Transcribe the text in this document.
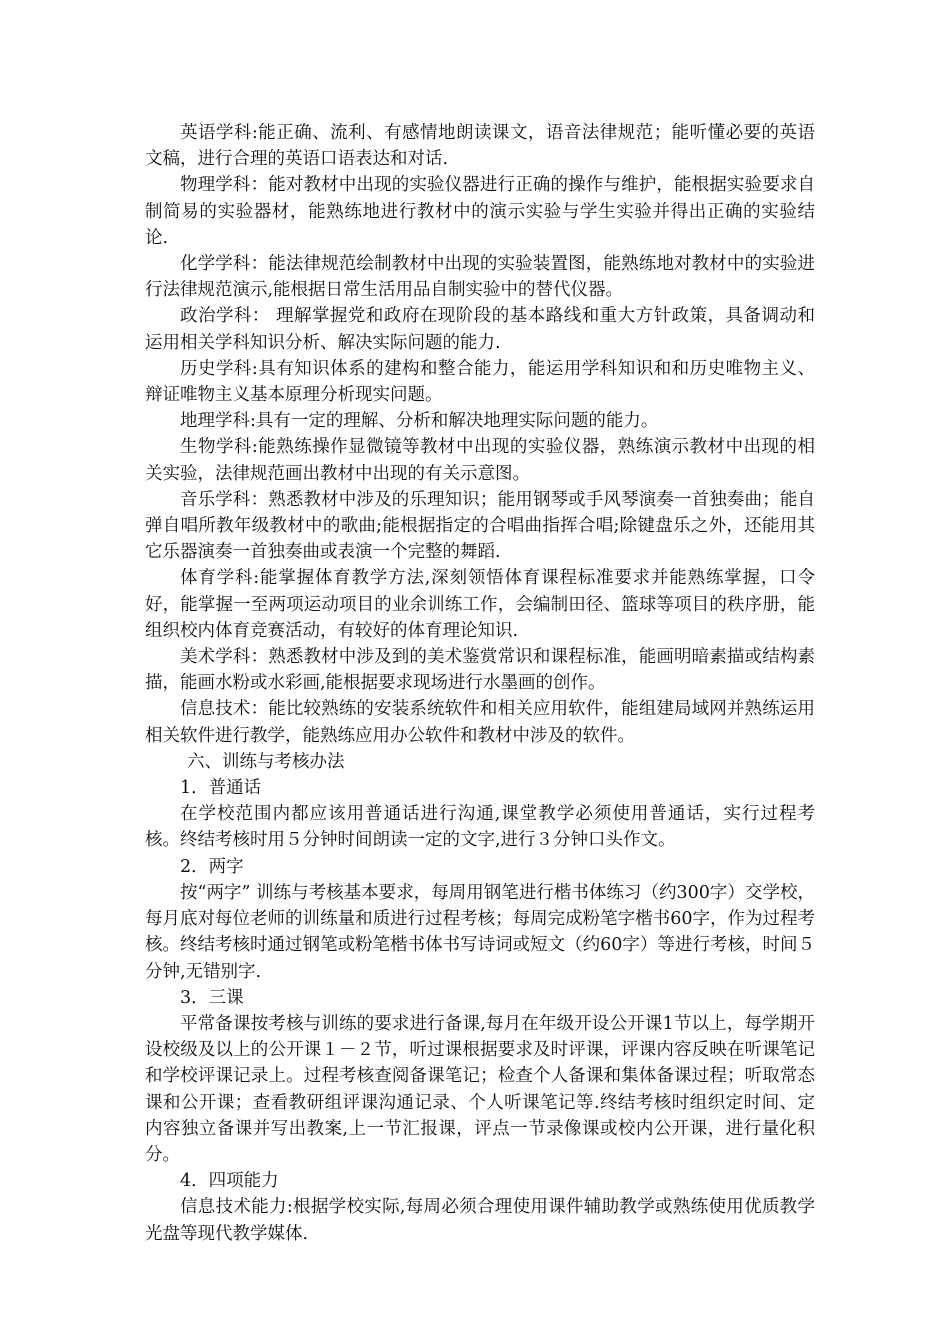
英语学科:能正确、流利、有感情地朗读课文，语音法律规范；能听懂必要的英语文稿，进行合理的英语口语表达和对话.

物理学科：能对教材中出现的实验仪器进行正确的操作与维护，能根据实验要求自制简易的实验器材，能熟练地进行教材中的演示实验与学生实验并得出正确的实验结论.

化学学科：能法律规范绘制教材中出现的实验装置图，能熟练地对教材中的实验进行法律规范演示,能根据日常生活用品自制实验中的替代仪器。

政治学科： 理解掌握党和政府在现阶段的基本路线和重大方针政策，具备调动和运用相关学科知识分析、解决实际问题的能力.

历史学科:具有知识体系的建构和整合能力，能运用学科知识和和历史唯物主义、辩证唯物主义基本原理分析现实问题。

地理学科:具有一定的理解、分析和解决地理实际问题的能力。

生物学科:能熟练操作显微镜等教材中出现的实验仪器，熟练演示教材中出现的相关实验，法律规范画出教材中出现的有关示意图。

音乐学科：熟悉教材中涉及的乐理知识；能用钢琴或手风琴演奏一首独奏曲；能自弹自唱所教年级教材中的歌曲;能根据指定的合唱曲指挥合唱;除键盘乐之外，还能用其它乐器演奏一首独奏曲或表演一个完整的舞蹈.

体育学科:能掌握体育教学方法,深刻领悟体育课程标准要求并能熟练掌握，口令好，能掌握一至两项运动项目的业余训练工作，会编制田径、篮球等项目的秩序册，能组织校内体育竞赛活动，有较好的体育理论知识.

美术学科：熟悉教材中涉及到的美术鉴赏常识和课程标准，能画明暗素描或结构素描，能画水粉或水彩画,能根据要求现场进行水墨画的创作。

信息技术：能比较熟练的安装系统软件和相关应用软件，能组建局域网并熟练运用相关软件进行教学，能熟练应用办公软件和教材中涉及的软件。

六、训练与考核办法

1．普通话

在学校范围内都应该用普通话进行沟通,课堂教学必须使用普通话，实行过程考核。终结考核时用５分钟时间朗读一定的文字,进行３分钟口头作文。

2．两字

按“两字” 训练与考核基本要求，每周用钢笔进行楷书体练习（约300字）交学校，每月底对每位老师的训练量和质进行过程考核；每周完成粉笔字楷书60字，作为过程考核。终结考核时通过钢笔或粉笔楷书体书写诗词或短文（约60字）等进行考核，时间５分钟,无错别字.

3．三课

平常备课按考核与训练的要求进行备课,每月在年级开设公开课1节以上，每学期开设校级及以上的公开课１－２节，听过课根据要求及时评课，评课内容反映在听课笔记和学校评课记录上。过程考核查阅备课笔记；检查个人备课和集体备课过程；听取常态课和公开课；查看教研组评课沟通记录、个人听课笔记等.终结考核时组织定时间、定内容独立备课并写出教案,上一节汇报课，评点一节录像课或校内公开课，进行量化积分。

4．四项能力

信息技术能力:根据学校实际,每周必须合理使用课件辅助教学或熟练使用优质教学光盘等现代教学媒体.
